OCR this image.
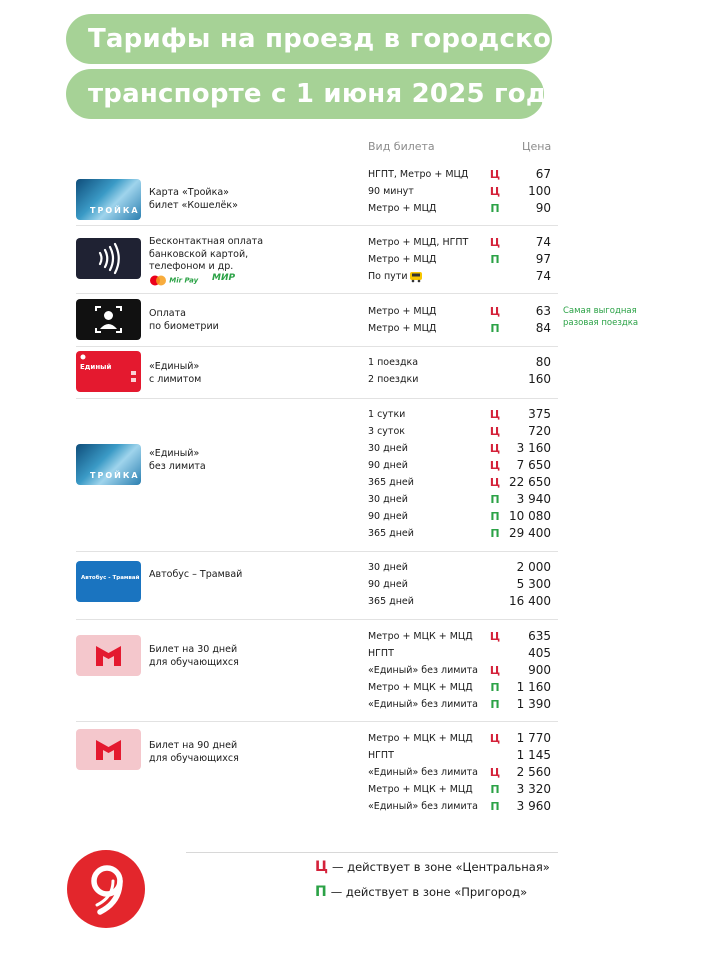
Тарифы на проезд в городском
транспорте с 1 июня 2025 года
Вид билета	Цена
ТРОЙКА
Карта «Тройка»
билет «Кошелёк»
НГПТ, Метро + МЦД Ц	67
90 минут	Ц 100
Метро + МЦД	П	90
Бесконтактная оплата
банковской картой,
телефоном и др.
Mir Pay МИР
Метро + МЦД, НГПТ Ц	74
Метро + МЦД	П	97
По пути	74
Оплата
по биометрии
Метро + МЦД	Ц	63
Метро + МЦД	П	84
Самая выгодная
разовая поездка
Единый	«Единый»
с лимитом
1 поездка	80
2 поездки	160
ТРОЙКА
«Единый»
без лимита
1 сутки	Ц 375
3 суток	Ц 720
30 дней	Ц 3 160
90 дней	Ц 7 650
365 дней	Ц 22 650
30 дней	П 3 940
90 дней	П 10 080
365 дней	П 29 400
Автобус - Трамвай Автобус – Трамвай
30 дней	2 000
90 дней	5 300
365 дней	16 400
Билет на 30 дней
для обучающихся
Метро + МЦК + МЦД Ц 635
НГПТ	405
«Единый» без лимита Ц 900
Метро + МЦК + МЦД П 1 160
«Единый» без лимита П 1 390
Билет на 90 дней
для обучающихся
Метро + МЦК + МЦД Ц 1 770
НГПТ	1 145
«Единый» без лимита Ц 2 560
Метро + МЦК + МЦД П 3 320
«Единый» без лимита П 3 960
Ц — действует в зоне «Центральная»
П — действует в зоне «Пригород»
